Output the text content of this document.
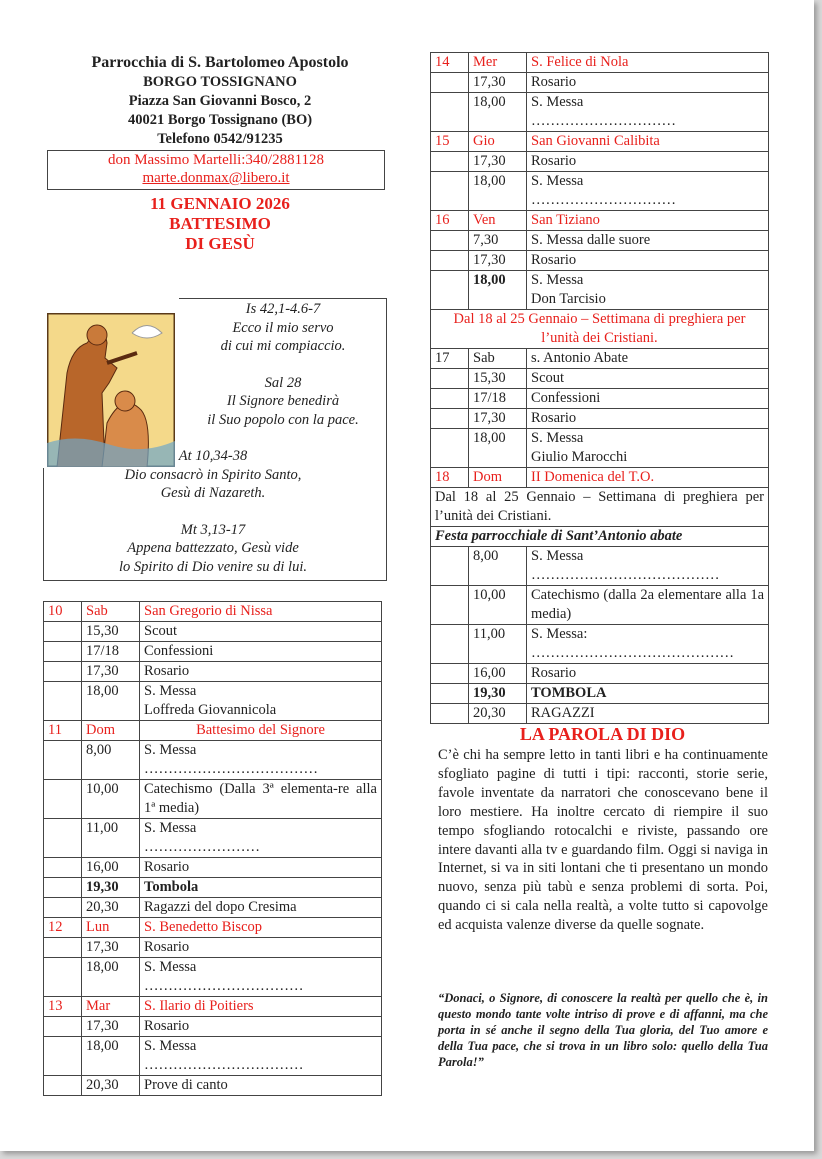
Parrocchia di S. Bartolomeo Apostolo
BORGO TOSSIGNANO
Piazza San Giovanni Bosco, 2
40021 Borgo Tossignano (BO)
Telefono 0542/91235
don Massimo Martelli:340/2881128
marte.donmax@libero.it
11 GENNAIO 2026
BATTESIMO
DI GESÙ
Is 42,1-4.6-7
Ecco il mio servo
di cui mi compiaccio.
Sal 28
Il Signore benedirà
il Suo popolo con la pace.
At 10,34-38
Dio consacrò in Spirito Santo,
Gesù di Nazareth.
Mt 3,13-17
Appena battezzato, Gesù vide
lo Spirito di Dio venire su di lui.
10	Sab	San Gregorio di Nissa
	15,30	Scout
	17/18	Confessioni
	17,30	Rosario
	18,00	S. Messa
Loffreda Giovannicola
11	Dom	Battesimo del Signore
	8,00	S. Messa
………………………………
	10,00	Catechismo (Dalla 3ª elementa-re alla 1ª media)
	11,00	S. Messa
……………………
	16,00	Rosario
	19,30	Tombola
	20,30	Ragazzi del dopo Cresima
12	Lun	S. Benedetto Biscop
	17,30	Rosario
	18,00	S. Messa
……………………………
13	Mar	S. Ilario di Poitiers
	17,30	Rosario
	18,00	S. Messa
……………………………
	20,30	Prove di canto
14	Mer	S. Felice di Nola
	17,30	Rosario
	18,00	S. Messa
…………………………
15	Gio	San Giovanni Calibita
	17,30	Rosario
	18,00	S. Messa
…………………………
16	Ven	San Tiziano
	7,30	S. Messa dalle suore
	17,30	Rosario
	18,00	S. Messa
Don Tarcisio
Dal 18 al 25 Gennaio – Settimana di preghiera per l’unità dei Cristiani.		
17	Sab	s. Antonio Abate
	15,30	Scout
	17/18	Confessioni
	17,30	Rosario
	18,00	S. Messa
Giulio Marocchi
18	Dom	II Domenica del T.O.
Dal 18 al 25 Gennaio – Settimana di preghiera per l’unità dei Cristiani.		
Festa parrocchiale di Sant’Antonio abate		
	8,00	S. Messa
…………………………………
	10,00	Catechismo (dalla 2a elementare alla 1a media)
	11,00	S. Messa:
……………………………………
	16,00	Rosario
	19,30	TOMBOLA
	20,30	RAGAZZI
LA PAROLA DI DIO
C’è chi ha sempre letto in tanti libri e ha continuamente sfogliato pagine di tutti i tipi: racconti, storie serie, favole inventate da narratori che conoscevano bene il loro mestiere. Ha inoltre cercato di riempire il suo tempo sfogliando rotocalchi e riviste, passando ore intere davanti alla tv e guardando film. Oggi si naviga in Internet, si va in siti lontani che ti presentano un mondo nuovo, senza più tabù e senza problemi di sorta. Poi, quando ci si cala nella realtà, a volte tutto si capovolge ed acquista valenze diverse da quelle sognate.
“Donaci, o Signore, di conoscere la realtà per quello che è, in questo mondo tante volte intriso di prove e di affanni, ma che porta in sé anche il segno della Tua gloria, del Tuo amore e della Tua pace, che si trova in un libro solo: quello della Tua Parola!”
